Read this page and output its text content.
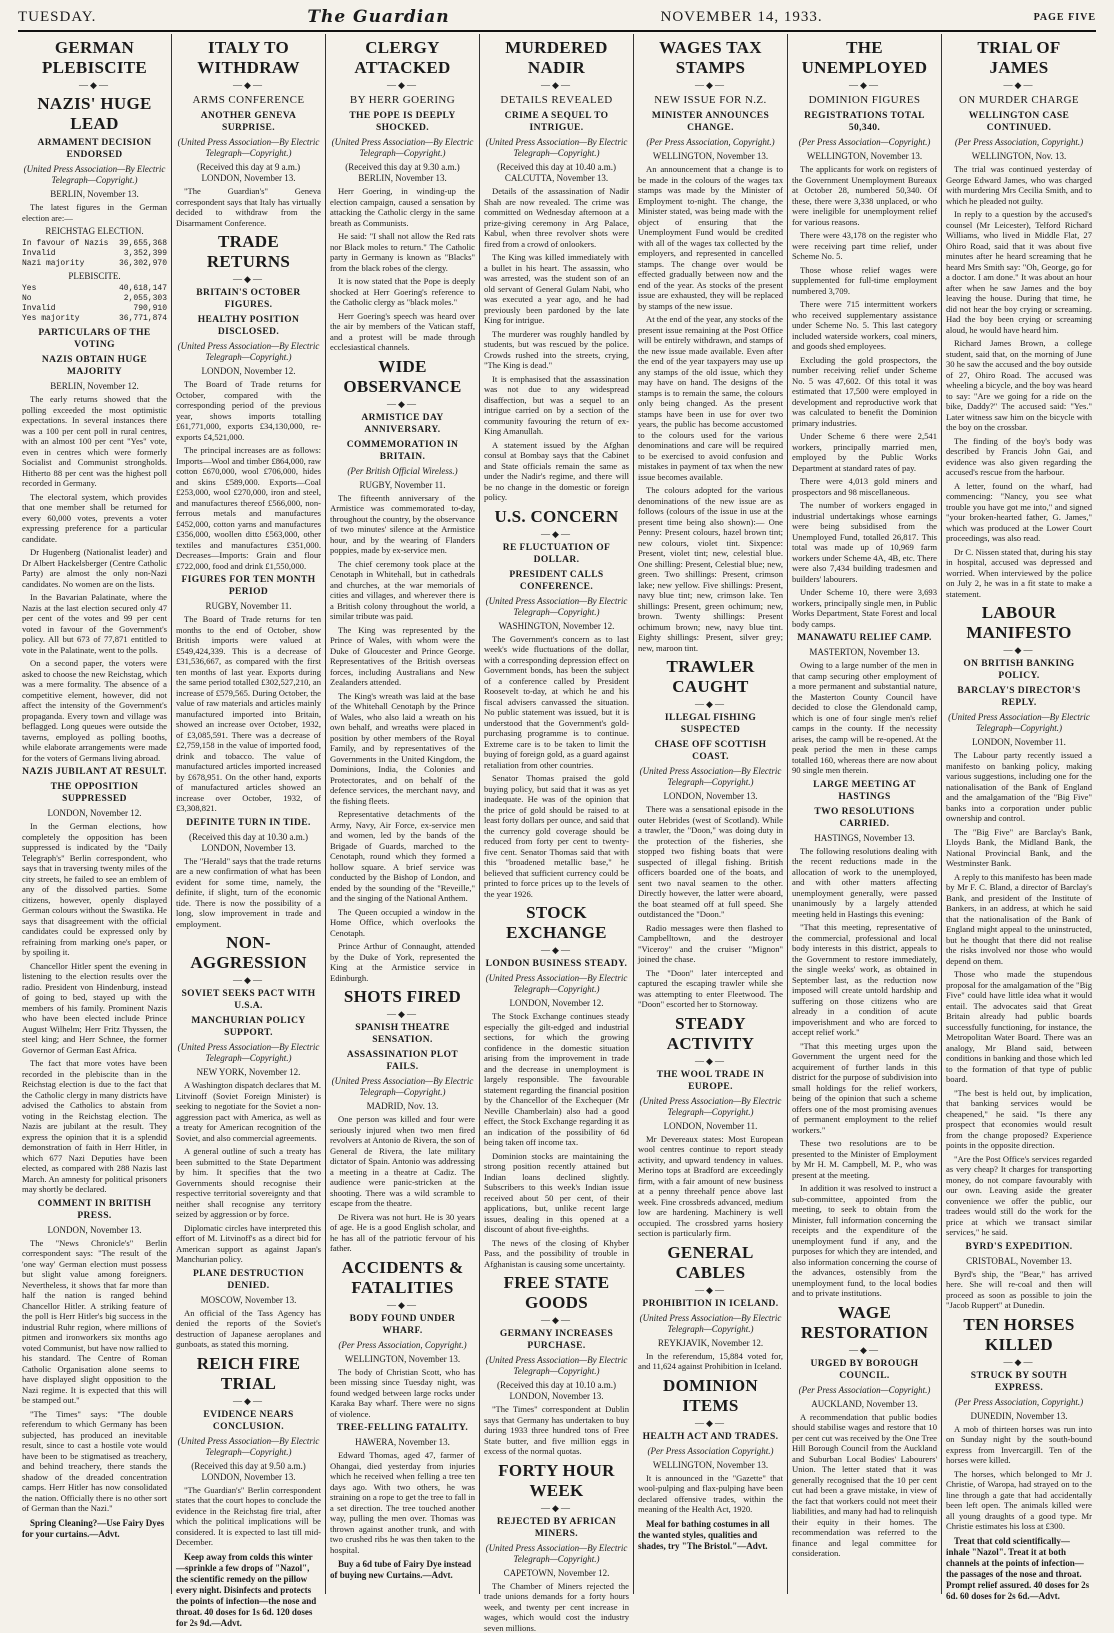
TUESDAY.	The Guardian	NOVEMBER 14, 1933.	PAGE FIVE
GERMAN PLEBISCITE
—◆—
NAZIS' HUGE LEAD
ARMAMENT DECISION ENDORSED
(United Press Association—By Electric Telegraph—Copyright.)
BERLIN, November 13.

The latest figures in the German election are:—

REICHSTAG ELECTION.
In favour of Nazis 39,655,368
Invalid	3,352,399
Nazi majority	36,302,970
PLEBISCITE.
Yes	40,618,147
No	2,055,303
Invalid	790,910
Yes majority	36,771,874
PARTICULARS OF THE VOTING
NAZIS OBTAIN HUGE MAJORITY
BERLIN, November 12.

The early returns showed that the polling exceeded the most optimistic expectations. In several instances there was a 100 per cent poll in rural centres, with an almost 100 per cent "Yes" vote, even in centres which were formerly Socialist and Communist strongholds. Hitherto 88 per cent was the highest poll recorded in Germany.

The electoral system, which provides that one member shall be returned for every 60,000 votes, prevents a voter expressing preference for a particular candidate.

Dr Hugenberg (Nationalist leader) and Dr Albert Hackelsberger (Centre Catholic Party) are almost the only non-Nazi candidates. No women are on the lists.

In the Bavarian Palatinate, where the Nazis at the last election secured only 47 per cent of the votes and 99 per cent voted in favour of the Government's policy. All but 673 of 77,871 entitled to vote in the Palatinate, went to the polls.

On a second paper, the voters were asked to choose the new Reichstag, which was a mere formality. The absence of a competitive element, however, did not affect the intensity of the Government's propaganda. Every town and village was beflagged. Long queues were outside the taverns, employed as polling booths, while elaborate arrangements were made for the voters of Germans living abroad.

NAZIS JUBILANT AT RESULT.
THE OPPOSITION SUPPRESSED
LONDON, November 12.

In the German elections, how completely the opposition has been suppressed is indicated by the "Daily Telegraph's" Berlin correspondent, who says that in traversing twenty miles of the city streets, he failed to see an emblem of any of the dissolved parties. Some citizens, however, openly displayed German colours without the Swastika. He says that disagreement with the official candidates could be expressed only by refraining from marking one's paper, or by spoiling it.

Chancellor Hitler spent the evening in listening to the election results over the radio. President von Hindenburg, instead of going to bed, stayed up with the members of his family. Prominent Nazis who have been elected include Prince August Wilhelm; Herr Fritz Thyssen, the steel king; and Herr Schnee, the former Governor of German East Africa.

The fact that more votes have been recorded in the plebiscite than in the Reichstag election is due to the fact that the Catholic clergy in many districts have advised the Catholics to abstain from voting in the Reichstag election. The Nazis are jubilant at the result. They express the opinion that it is a splendid demonstration of faith in Herr Hitler, in which 677 Nazi Deputies have been elected, as compared with 288 Nazis last March. An amnesty for political prisoners may shortly be declared.

COMMENT IN BRITISH PRESS.
LONDON, November 13.

The "News Chronicle's" Berlin correspondent says: "The result of the 'one way' German election must possess but slight value among foreigners. Nevertheless, it shows that far more than half the nation is ranged behind Chancellor Hitler. A striking feature of the poll is Herr Hitler's big success in the industrial Ruhr region, where millions of pitmen and ironworkers six months ago voted Communist, but have now rallied to his standard. The Centre of Roman Catholic Organisation alone seems to have displayed slight opposition to the Nazi regime. It is expected that this will be stamped out."

"The Times" says: "The double referendum to which Germany has been subjected, has produced an inevitable result, since to cast a hostile vote would have been to be stigmatised as treachery, and behind treachery, there stands the shadow of the dreaded concentration camps. Herr Hitler has now consolidated the nation. Officially there is no other sort of German than the Nazi."

Spring Cleaning?—Use Fairy Dyes for your curtains.—Advt.
ITALY TO WITHDRAW
—◆—
ARMS CONFERENCE
ANOTHER GENEVA SURPRISE.
(United Press Association—By Electric Telegraph—Copyright.)
(Received this day at 9 a.m.) LONDON, November 13.

"The Guardian's" Geneva correspondent says that Italy has virtually decided to withdraw from the Disarmament Conference.

TRADE RETURNS
—◆—
BRITAIN'S OCTOBER FIGURES.
HEALTHY POSITION DISCLOSED.
(United Press Association—By Electric Telegraph—Copyright.)
LONDON, November 12.

The Board of Trade returns for October, compared with the corresponding period of the previous year, shows imports totalling £61,771,000, exports £34,130,000, re-exports £4,521,000.

The principal increases are as follows: Imports—Wool and timber £864,000, raw cotton £670,000, wool £706,000, hides and skins £589,000. Exports—Coal £253,000, wool £270,000, iron and steel, and manufactures thereof £566,000, non-ferrous metals and manufactures £452,000, cotton yarns and manufactures £356,000, woollen ditto £563,000, other textiles and manufactures £351,000. Decreases—Imports: Grain and flour £722,000, food and drink £1,550,000.

FIGURES FOR TEN MONTH PERIOD
RUGBY, November 11.

The Board of Trade returns for ten months to the end of October, show British imports were valued at £549,424,339. This is a decrease of £31,536,667, as compared with the first ten months of last year. Exports during the same period totalled £302,527,210, an increase of £579,565. During October, the value of raw materials and articles mainly manufactured imported into Britain, showed an increase over October, 1932, of £3,085,591. There was a decrease of £2,759,158 in the value of imported food, drink and tobacco. The value of manufactured articles imported increased by £678,951. On the other hand, exports of manufactured articles showed an increase over October, 1932, of £3,308,821.

DEFINITE TURN IN TIDE.
(Received this day at 10.30 a.m.) LONDON, November 13.

The "Herald" says that the trade returns are a new confirmation of what has been evident for some time, namely, the definite, if slight, turn of the economic tide. There is now the possibility of a long, slow improvement in trade and employment.

NON-AGGRESSION
—◆—
SOVIET SEEKS PACT WITH U.S.A.
MANCHURIAN POLICY SUPPORT.
(United Press Association—By Electric Telegraph—Copyright.)
NEW YORK, November 12.

A Washington dispatch declares that M. Litvinoff (Soviet Foreign Minister) is seeking to negotiate for the Soviet a non-aggression pact with America, as well as a treaty for American recognition of the Soviet, and also commercial agreements.

A general outline of such a treaty has been submitted to the State Department by him. It specifies that the two Governments should recognise their respective territorial sovereignty and that neither shall recognise any territory seized by aggression or by force.

Diplomatic circles have interpreted this effort of M. Litvinoff's as a direct bid for American support as against Japan's Manchurian policy.

PLANE DESTRUCTION DENIED.
MOSCOW, November 13.

An official of the Tass Agency has denied the reports of the Soviet's destruction of Japanese aeroplanes and gunboats, as stated this morning.

REICH FIRE TRIAL
—◆—
EVIDENCE NEARS CONCLUSION.
(United Press Association—By Electric Telegraph—Copyright.)
(Received this day at 9.50 a.m.) LONDON, November 13.

"The Guardian's" Berlin correspondent states that the court hopes to conclude the evidence in the Reichstag fire trial, after which the political implications will be considered. It is expected to last till mid-December.

Keep away from colds this winter—sprinkle a few drops of "Nazol", the scientific remedy on the pillow every night. Disinfects and protects the points of infection—the nose and throat. 40 doses for 1s 6d. 120 doses for 2s 9d.—Advt.
CLERGY ATTACKED
—◆—
BY HERR GOERING
THE POPE IS DEEPLY SHOCKED.
(United Press Association—By Electric Telegraph—Copyright.)
(Received this day at 9.30 a.m.) BERLIN, November 13.

Herr Goering, in winding-up the election campaign, caused a sensation by attacking the Catholic clergy in the same breath as Communists.

He said: "I shall not allow the Red rats nor Black moles to return." The Catholic party in Germany is known as "Blacks" from the black robes of the clergy.

It is now stated that the Pope is deeply shocked at Herr Goering's reference to the Catholic clergy as "black moles."

Herr Goering's speech was heard over the air by members of the Vatican staff, and a protest will be made through ecclesiastical channels.

WIDE OBSERVANCE
—◆—
ARMISTICE DAY ANNIVERSARY.
COMMEMORATION IN BRITAIN.
(Per British Official Wireless.)
RUGBY, November 11.

The fifteenth anniversary of the Armistice was commemorated to-day, throughout the country, by the observance of two minutes' silence at the Armistice hour, and by the wearing of Flanders poppies, made by ex-service men.

The chief ceremony took place at the Cenotaph in Whitehall, but in cathedrals and churches, at the war memorials of cities and villages, and wherever there is a British colony throughout the world, a similar tribute was paid.

The King was represented by the Prince of Wales, with whom were the Duke of Gloucester and Prince George. Representatives of the British overseas forces, including Australians and New Zealanders attended.

The King's wreath was laid at the base of the Whitehall Cenotaph by the Prince of Wales, who also laid a wreath on his own behalf, and wreaths were placed in position by other members of the Royal Family, and by representatives of the Governments in the United Kingdom, the Dominions, India, the Colonies and Protectorates, and on behalf of the defence services, the merchant navy, and the fishing fleets.

Representative detachments of the Army, Navy, Air Force, ex-service men and women, led by the bands of the Brigade of Guards, marched to the Cenotaph, round which they formed a hollow square. A brief service was conducted by the Bishop of London, and ended by the sounding of the "Reveille," and the singing of the National Anthem.

The Queen occupied a window in the Home Office, which overlooks the Cenotaph.

Prince Arthur of Connaught, attended by the Duke of York, represented the King at the Armistice service in Edinburgh.

SHOTS FIRED
—◆—
SPANISH THEATRE SENSATION.
ASSASSINATION PLOT FAILS.
(United Press Association—By Electric Telegraph—Copyright.)
MADRID, Nov. 13.

One person was killed and four were seriously injured when two men fired revolvers at Antonio de Rivera, the son of General de Rivera, the late military dictator of Spain. Antonio was addressing a meeting in a theatre at Cadiz. The audience were panic-stricken at the shooting. There was a wild scramble to escape from the theatre.

De Rivera was not hurt. He is 30 years of age. He is a good English scholar, and he has all of the patriotic fervour of his father.

ACCIDENTS & FATALITIES
—◆—
BODY FOUND UNDER WHARF.
(Per Press Association, Copyright.)
WELLINGTON, November 13.

The body of Christian Scott, who has been missing since Tuesday night, was found wedged between large rocks under Karaka Bay wharf. There were no signs of violence.

TREE-FELLING FATALITY.
HAWERA, November 13.

Edward Thomas, aged 47, farmer of Ohangai, died yesterday from injuries which he received when felling a tree ten days ago. With two others, he was straining on a rope to get the tree to fall in a set direction. The tree touched another way, pulling the men over. Thomas was thrown against another trunk, and with two crushed ribs he was then taken to the hospital.

Buy a 6d tube of Fairy Dye instead of buying new Curtains.—Advt.
MURDERED NADIR
—◆—
DETAILS REVEALED
CRIME A SEQUEL TO INTRIGUE.
(United Press Association—By Electric Telegraph—Copyright.)
(Received this day at 10.40 a.m.) CALCUTTA, November 13.

Details of the assassination of Nadir Shah are now revealed. The crime was committed on Wednesday afternoon at a prize-giving ceremony in Arg Palace, Kabul, when three revolver shots were fired from a crowd of onlookers.

The King was killed immediately with a bullet in his heart. The assassin, who was arrested, was the student son of an old servant of General Gulam Nabi, who was executed a year ago, and he had previously been pardoned by the late King for intrigue.

The murderer was roughly handled by students, but was rescued by the police. Crowds rushed into the streets, crying, "The King is dead."

It is emphasised that the assassination was not due to any widespread disaffection, but was a sequel to an intrigue carried on by a section of the community favouring the return of ex-King Amanullah.

A statement issued by the Afghan consul at Bombay says that the Cabinet and State officials remain the same as under the Nadir's regime, and there will be no change in the domestic or foreign policy.

U.S. CONCERN
—◆—
RE FLUCTUATION OF DOLLAR.
PRESIDENT CALLS CONFERENCE.
(United Press Association—By Electric Telegraph—Copyright.)
WASHINGTON, November 12.

The Government's concern as to last week's wide fluctuations of the dollar, with a corresponding depression effect on Government bonds, has been the subject of a conference called by President Roosevelt to-day, at which he and his fiscal advisers canvassed the situation. No public statement was issued, but it is understood that the Government's gold-purchasing programme is to continue. Extreme care is to be taken to limit the buying of foreign gold, as a guard against retaliation from other countries.

Senator Thomas praised the gold buying policy, but said that it was as yet inadequate. He was of the opinion that the price of gold should be raised to at least forty dollars per ounce, and said that the currency gold coverage should be reduced from forty per cent to twenty-five cent. Senator Thomas said that with this "broadened metallic base," he believed that sufficient currency could be printed to force prices up to the levels of the year 1926.

STOCK EXCHANGE
—◆—
LONDON BUSINESS STEADY.
(United Press Association—By Electric Telegraph—Copyright.)
LONDON, November 12.

The Stock Exchange continues steady especially the gilt-edged and industrial sections, for which the growing confidence in the domestic situation arising from the improvement in trade and the decrease in unemployment is largely responsible. The favourable statement regarding the financial position by the Chancellor of the Exchequer (Mr Neville Chamberlain) also had a good effect, the Stock Exchange regarding it as an indication of the possibility of 6d being taken off income tax.

Dominion stocks are maintaining the strong position recently attained but Indian loans declined slightly. Subscribers to this week's Indian issue received about 50 per cent, of their applications, but, unlike recent large issues, dealing in this opened at a discount of about five-eighths.

The news of the closing of Khyber Pass, and the possibility of trouble in Afghanistan is causing some uncertainty.

FREE STATE GOODS
—◆—
GERMANY INCREASES PURCHASE.
(United Press Association—By Electric Telegraph—Copyright.)
(Received this day at 10.10 a.m.) LONDON, November 13.

"The Times" correspondent at Dublin says that Germany has undertaken to buy during 1933 three hundred tons of Free State butter, and five million eggs in excess of the normal quotas.

FORTY HOUR WEEK
—◆—
REJECTED BY AFRICAN MINERS.
(United Press Association—By Electric Telegraph—Copyright.)
CAPETOWN, November 12.

The Chamber of Miners rejected the trade unions demands for a forty hours week, and twenty per cent increase in wages, which would cost the industry seven millions.

WAGES TAX STAMPS
—◆—
NEW ISSUE FOR N.Z.
MINISTER ANNOUNCES CHANGE.
(Per Press Association, Copyright.)
WELLINGTON, November 13.

An announcement that a change is to be made in the colours of the wages tax stamps was made by the Minister of Employment to-night. The change, the Minister stated, was being made with the object of ensuring that the Unemployment Fund would be credited with all of the wages tax collected by the employers, and represented in cancelled stamps. The change over would be effected gradually between now and the end of the year. As stocks of the present issue are exhausted, they will be replaced by stamps of the new issue.

At the end of the year, any stocks of the present issue remaining at the Post Office will be entirely withdrawn, and stamps of the new issue made available. Even after the end of the year taxpayers may use up any stamps of the old issue, which they may have on hand. The designs of the stamps is to remain the same, the colours only being changed. As the present stamps have been in use for over two years, the public has become accustomed to the colours used for the various denominations and care will be required to be exercised to avoid confusion and mistakes in payment of tax when the new issue becomes available.

The colours adopted for the various denominations of the new issue are as follows (colours of the issue in use at the present time being also shown):— One Penny: Present colours, hazel brown tint; new colours, violet tint. Sixpence: Present, violet tint; new, celestial blue. One shilling: Present, Celestial blue; new, green. Two shillings: Present, crimson lake; new yellow. Five shillings: Present, navy blue tint; new, crimson lake. Ten shillings: Present, green ochimum; new, brown. Twenty shillings: Present ochimum brown; new, navy blue tint. Eighty shillings: Present, silver grey; new, maroon tint.

TRAWLER CAUGHT
—◆—
ILLEGAL FISHING SUSPECTED
CHASE OFF SCOTTISH COAST.
(United Press Association—By Electric Telegraph—Copyright.)
LONDON, November 13.

There was a sensational episode in the outer Hebrides (west of Scotland). While a trawler, the "Doon," was doing duty in the protection of the fisheries, she stopped two fishing boats that were suspected of illegal fishing. British officers boarded one of the boats, and sent two naval seamen to the other. Directly however, the latter were aboard, the boat steamed off at full speed. She outdistanced the "Doon."

Radio messages were then flashed to Campbelltown, and the destroyer "Viceroy" and the cruiser "Mignon" joined the chase.

The "Doon" later intercepted and captured the escaping trawler while she was attempting to enter Fleetwood. The "Doon" escorted her to Stornoway.

STEADY ACTIVITY
—◆—
THE WOOL TRADE IN EUROPE.
(United Press Association—By Electric Telegraph—Copyright.)
LONDON, November 11.

Mr Devereaux states: Most European wool centres continue to report steady activity, and upward tendency in values. Merino tops at Bradford are exceedingly firm, with a fair amount of new business at a penny threehalf pence above last week. Fine crossbreds advanced, medium low are hardening. Machinery is well occupied. The crossbred yarns hosiery section is particularly firm.

GENERAL CABLES
—◆—
PROHIBITION IN ICELAND.
(United Press Association—By Electric Telegraph—Copyright.)
REYKJAVIK, November 12.

In the referendum, 15,884 voted for, and 11,624 against Prohibition in Iceland.

DOMINION ITEMS
—◆—
HEALTH ACT AND TRADES.
(Per Press Association Copyright.)
WELLINGTON, November 13.

It is announced in the "Gazette" that wool-pulping and flax-pulping have been declared offensive trades, within the meaning of the Health Act, 1920.

Meal for bathing costumes in all the wanted styles, qualities and shades, try "The Bristol."—Advt.
THE UNEMPLOYED
—◆—
DOMINION FIGURES
REGISTRATIONS TOTAL 50,340.
(Per Press Association—Copyright.)
WELLINGTON, November 13.

The applicants for work on registers of the Government Unemployment Bureaux at October 28, numbered 50,340. Of these, there were 3,338 unplaced, or who were ineligible for unemployment relief for various reasons.

There were 43,178 on the register who were receiving part time relief, under Scheme No. 5.

Those whose relief wages were supplemented for full-time employment numbered 3,709.

There were 715 intermittent workers who received supplementary assistance under Scheme No. 5. This last category included waterside workers, coal miners, and goods shed employees.

Excluding the gold prospectors, the number receiving relief under Scheme No. 5 was 47,602. Of this total it was estimated that 17,500 were employed in development and reproductive work that was calculated to benefit the Dominion primary industries.

Under Scheme 6 there were 2,541 workers, principally married men, employed by the Public Works Department at standard rates of pay.

There were 4,013 gold miners and prospectors and 98 miscellaneous.

The number of workers engaged in industrial undertakings whose earnings were being subsidised from the Unemployed Fund, totalled 26,817. This total was made up of 10,969 farm workers under Scheme 4A, 4B, etc. There were also 7,434 building tradesmen and builders' labourers.

Under Scheme 10, there were 3,693 workers, principally single men, in Public Works Department, State Forest and local body camps.

MANAWATU RELIEF CAMP.
MASTERTON, November 13.

Owing to a large number of the men in that camp securing other employment of a more permanent and substantial nature, the Masterton County Council have decided to close the Glendonald camp, which is one of four single men's relief camps in the county. If the necessity arises, the camp will be re-opened. At the peak period the men in these camps totalled 160, whereas there are now about 90 single men therein.

LARGE MEETING AT HASTINGS
TWO RESOLUTIONS CARRIED.
HASTINGS, November 13.

The following resolutions dealing with the recent reductions made in the allocation of work to the unemployed, and with other matters affecting unemployment generally, were passed unanimously by a largely attended meeting held in Hastings this evening:

"That this meeting, representative of the commercial, professional and local body interests in this district, appeals to the Government to restore immediately, the single weeks' work, as obtained in September last, as the reduction now imposed will create untold hardship and suffering on those citizens who are already in a condition of acute impoverishment and who are forced to accept relief work."

"That this meeting urges upon the Government the urgent need for the acquirement of further lands in this district for the purpose of subdivision into small holdings for the relief workers, being of the opinion that such a scheme offers one of the most promising avenues of permanent employment to the relief workers."

These two resolutions are to be presented to the Minister of Employment by Mr H. M. Campbell, M. P., who was present at the meeting.

In addition it was resolved to instruct a sub-committee, appointed from the meeting, to seek to obtain from the Minister, full information concerning the receipts and the expenditure of the unemployment fund if any, and the purposes for which they are intended, and also information concerning the course of the advances, ostensibly from the unemployment fund, to the local bodies and to private institutions.

WAGE RESTORATION
—◆—
URGED BY BOROUGH COUNCIL.
(Per Press Association—Copyright.)
AUCKLAND, November 13.

A recommendation that public bodies should stabilise wages and restore that 10 per cent cut was received by the One Tree Hill Borough Council from the Auckland and Suburban Local Bodies' Labourers' Union. The letter stated that it was generally recognised that the 10 per cent cut had been a grave mistake, in view of the fact that workers could not meet their liabilities, and many had had to relinquish their equity in their homes. The recommendation was referred to the finance and legal committee for consideration.

TRIAL OF JAMES
—◆—
ON MURDER CHARGE
WELLINGTON CASE CONTINUED.
(Per Press Association, Copyright.)
WELLINGTON, Nov. 13.

The trial was continued yesterday of George Edward James, who was charged with murdering Mrs Cecilia Smith, and to which he pleaded not guilty.

In reply to a question by the accused's counsel (Mr Leicester), Telford Richard Williams, who lived in Middle Flat, 27 Ohiro Road, said that it was about five minutes after he heard screaming that he heard Mrs Smith say: "Oh, George, go for a doctor. I am done." It was about an hour after when he saw James and the boy leaving the house. During that time, he did not hear the boy crying or screaming. Had the boy been crying or screaming aloud, he would have heard him.

Richard James Brown, a college student, said that, on the morning of June 30 he saw the accused and the boy outside of 27, Ohiro Road. The accused was wheeling a bicycle, and the boy was heard to say: "Are we going for a ride on the bike, Daddy?" The accused said: "Yes." Later witness saw him on the bicycle with the boy on the crossbar.

The finding of the boy's body was described by Francis John Gai, and evidence was also given regarding the accused's rescue from the harbour.

A letter, found on the wharf, had commencing: "Nancy, you see what trouble you have got me into," and signed "your broken-hearted father, G. James," which was produced at the Lower Court proceedings, was also read.

Dr C. Nissen stated that, during his stay in hospital, accused was depressed and worried. When interviewed by the police on July 2, he was in a fit state to make a statement.

LABOUR MANIFESTO
—◆—
ON BRITISH BANKING POLICY.
BARCLAY'S DIRECTOR'S REPLY.
(United Press Association—By Electric Telegraph—Copyright.)
LONDON, November 11.

The Labour party recently issued a manifesto on banking policy, making various suggestions, including one for the nationalisation of the Bank of England and the amalgamation of the "Big Five" banks into a corporation under public ownership and control.

The "Big Five" are Barclay's Bank, Lloyds Bank, the Midland Bank, the National Provincial Bank, and the Westminster Bank.

A reply to this manifesto has been made by Mr F. C. Bland, a director of Barclay's Bank, and president of the Institute of Bankers, in an address, at which he said that the nationalisation of the Bank of England might appeal to the uninstructed, but he thought that there did not realise the risks involved nor those who would depend on them.

Those who made the stupendous proposal for the amalgamation of the "Big Five" could have little idea what it would entail. The advocates said that Great Britain already had public boards successfully functioning, for instance, the Metropolitan Water Board. There was an analogy, Mr Bland said, between conditions in banking and those which led to the formation of that type of public board.

"The best is held out, by implication, that banking services would be cheapened," he said. "Is there any prospect that economies would result from the change proposed? Experience points in the opposite direction.

"Are the Post Office's services regarded as very cheap? It charges for transporting money, do not compare favourably with our own. Leaving aside the greater convenience we offer the public, our tradees would still do the work for the price at which we transact similar services," he said.

BYRD'S EXPEDITION.
CRISTOBAL, November 13.

Byrd's ship, the "Bear," has arrived here. She will re-coal and then will proceed as soon as possible to join the "Jacob Ruppert" at Dunedin.

TEN HORSES KILLED
—◆—
STRUCK BY SOUTH EXPRESS.
(Per Press Association, Copyright.)
DUNEDIN, November 13.

A mob of thirteen horses was run into on Sunday night by the south-bound express from Invercargill. Ten of the horses were killed.

The horses, which belonged to Mr J. Christie, of Waropa, had strayed on to the line through a gate that had accidentally been left open. The animals killed were all young draughts of a good type. Mr Christie estimates his loss at £300.

Treat that cold scientifically—inhale "Nazol". Treat it at both channels at the points of infection—the passages of the nose and throat. Prompt relief assured. 40 doses for 2s 6d. 60 doses for 2s 6d.—Advt.
